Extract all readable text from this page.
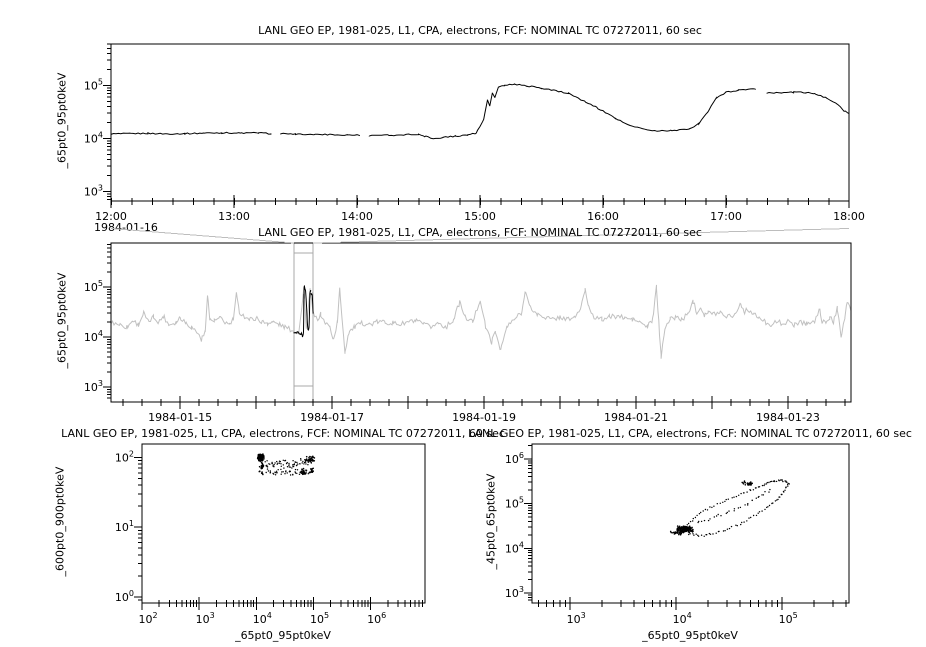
$10^3$
$10^4$
$10^5$
12:00	13:00	14:00	15:00	16:00	17:00	18:00
1984-01-16
$10^3$
$10^4$
$10^5$
1984-01-15	1984-01-17	1984-01-19	1984-01-21	1984-01-23
$10^0$
$10^1$
$10^2$
$10^2$	$10^3$	$10^4$	$10^5$	$10^6$
$10^3$
$10^4$
$10^5$
$10^6$
$10^3$	$10^4$	$10^5$
LANL GEO EP, 1981-025, L1, CPA, electrons, FCF: NOMINAL TC 07272011, 60 sec
LANL GEO EP, 1981-025, L1, CPA, electrons, FCF: NOMINAL TC 07272011, 60 sec
LANL GEO EP, 1981-025, L1, CPA, electrons, FCF: NOMINAL TC 07272011, 60 sec
LANL GEO EP, 1981-025, L1, CPA, electrons, FCF: NOMINAL TC 07272011, 60 sec
_65pt0_95pt0keV
_65pt0_95pt0keV
_600pt0_900pt0keV	_45pt0_65pt0keV
_65pt0_95pt0keV	_65pt0_95pt0keV
